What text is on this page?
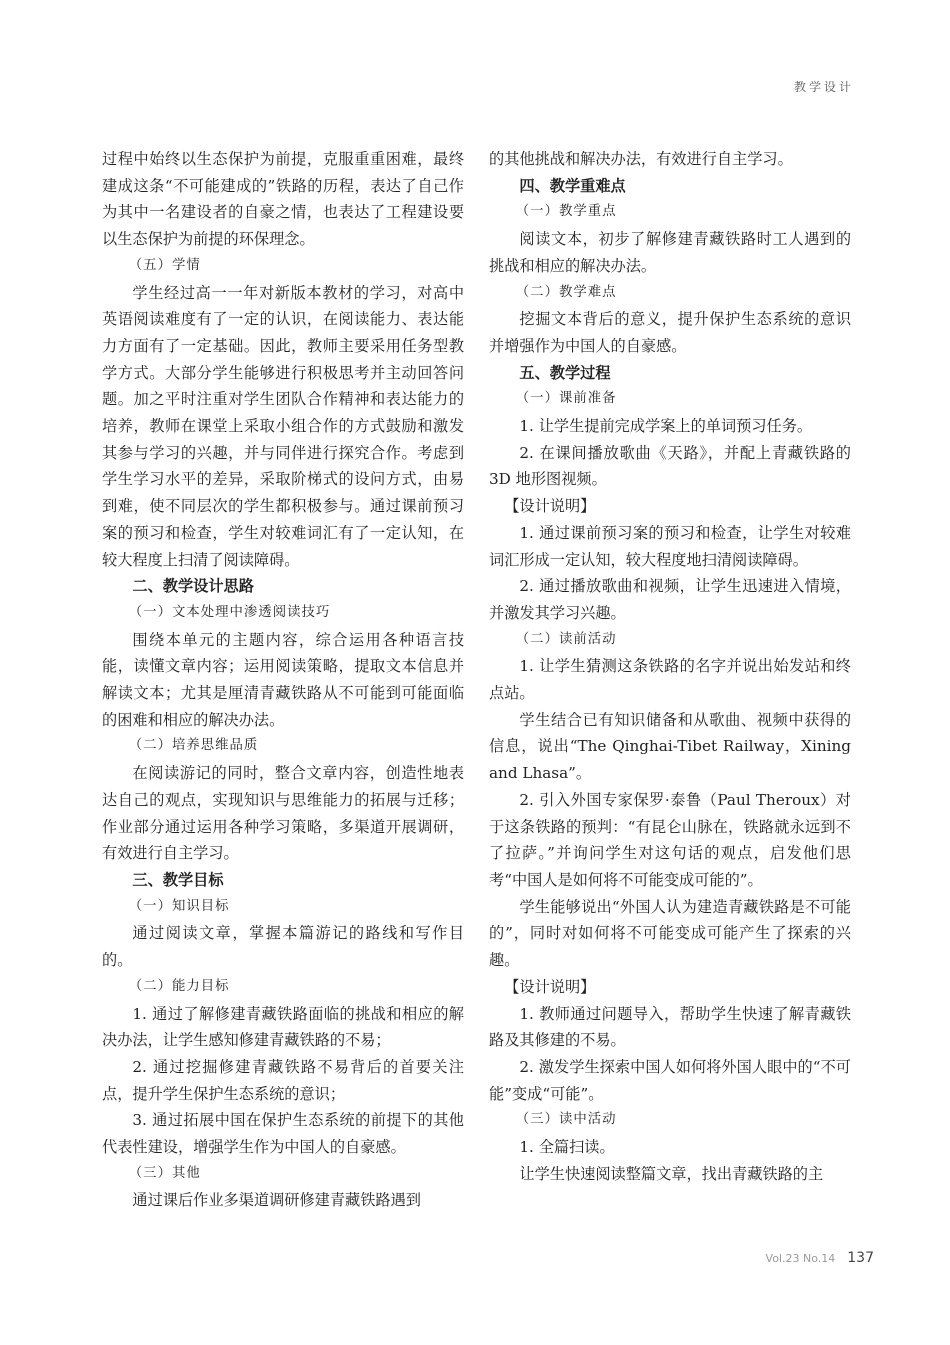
教学设计

过程中始终以生态保护为前提，克服重重困难，最终建成这条“不可能建成的”铁路的历程，表达了自己作为其中一名建设者的自豪之情，也表达了工程建设要以生态保护为前提的环保理念。

（五）学情

学生经过高一一年对新版本教材的学习，对高中英语阅读难度有了一定的认识，在阅读能力、表达能力方面有了一定基础。因此，教师主要采用任务型教学方式。大部分学生能够进行积极思考并主动回答问题。加之平时注重对学生团队合作精神和表达能力的培养，教师在课堂上采取小组合作的方式鼓励和激发其参与学习的兴趣，并与同伴进行探究合作。考虑到学生学习水平的差异，采取阶梯式的设问方式，由易到难，使不同层次的学生都积极参与。通过课前预习案的预习和检查，学生对较难词汇有了一定认知，在较大程度上扫清了阅读障碍。

二、教学设计思路

（一）文本处理中渗透阅读技巧

围绕本单元的主题内容，综合运用各种语言技能，读懂文章内容；运用阅读策略，提取文本信息并解读文本；尤其是厘清青藏铁路从不可能到可能面临的困难和相应的解决办法。

（二）培养思维品质

在阅读游记的同时，整合文章内容，创造性地表达自己的观点，实现知识与思维能力的拓展与迁移；作业部分通过运用各种学习策略，多渠道开展调研，有效进行自主学习。

三、教学目标

（一）知识目标

通过阅读文章，掌握本篇游记的路线和写作目的。

（二）能力目标

1. 通过了解修建青藏铁路面临的挑战和相应的解决办法，让学生感知修建青藏铁路的不易；

2. 通过挖掘修建青藏铁路不易背后的首要关注点，提升学生保护生态系统的意识；

3. 通过拓展中国在保护生态系统的前提下的其他代表性建设，增强学生作为中国人的自豪感。

（三）其他

通过课后作业多渠道调研修建青藏铁路遇到

的其他挑战和解决办法，有效进行自主学习。

四、教学重难点

（一）教学重点

阅读文本，初步了解修建青藏铁路时工人遇到的挑战和相应的解决办法。

（二）教学难点

挖掘文本背后的意义，提升保护生态系统的意识并增强作为中国人的自豪感。

五、教学过程

（一）课前准备

1. 让学生提前完成学案上的单词预习任务。

2. 在课间播放歌曲《天路》，并配上青藏铁路的3D 地形图视频。

【设计说明】

1. 通过课前预习案的预习和检查，让学生对较难词汇形成一定认知，较大程度地扫清阅读障碍。

2. 通过播放歌曲和视频，让学生迅速进入情境，并激发其学习兴趣。

（二）读前活动

1. 让学生猜测这条铁路的名字并说出始发站和终点站。

学生结合已有知识储备和从歌曲、视频中获得的信息，说出“The Qinghai-Tibet Railway，Xining and Lhasa”。

2. 引入外国专家保罗·泰鲁（Paul Theroux）对于这条铁路的预判：“有昆仑山脉在，铁路就永远到不了拉萨。”并询问学生对这句话的观点，启发他们思考“中国人是如何将不可能变成可能的”。

学生能够说出“外国人认为建造青藏铁路是不可能的”，同时对如何将不可能变成可能产生了探索的兴趣。

【设计说明】

1. 教师通过问题导入，帮助学生快速了解青藏铁路及其修建的不易。

2. 激发学生探索中国人如何将外国人眼中的“不可能”变成“可能”。

（三）读中活动

1. 全篇扫读。

让学生快速阅读整篇文章，找出青藏铁路的主

Vol.23 No.14 137
